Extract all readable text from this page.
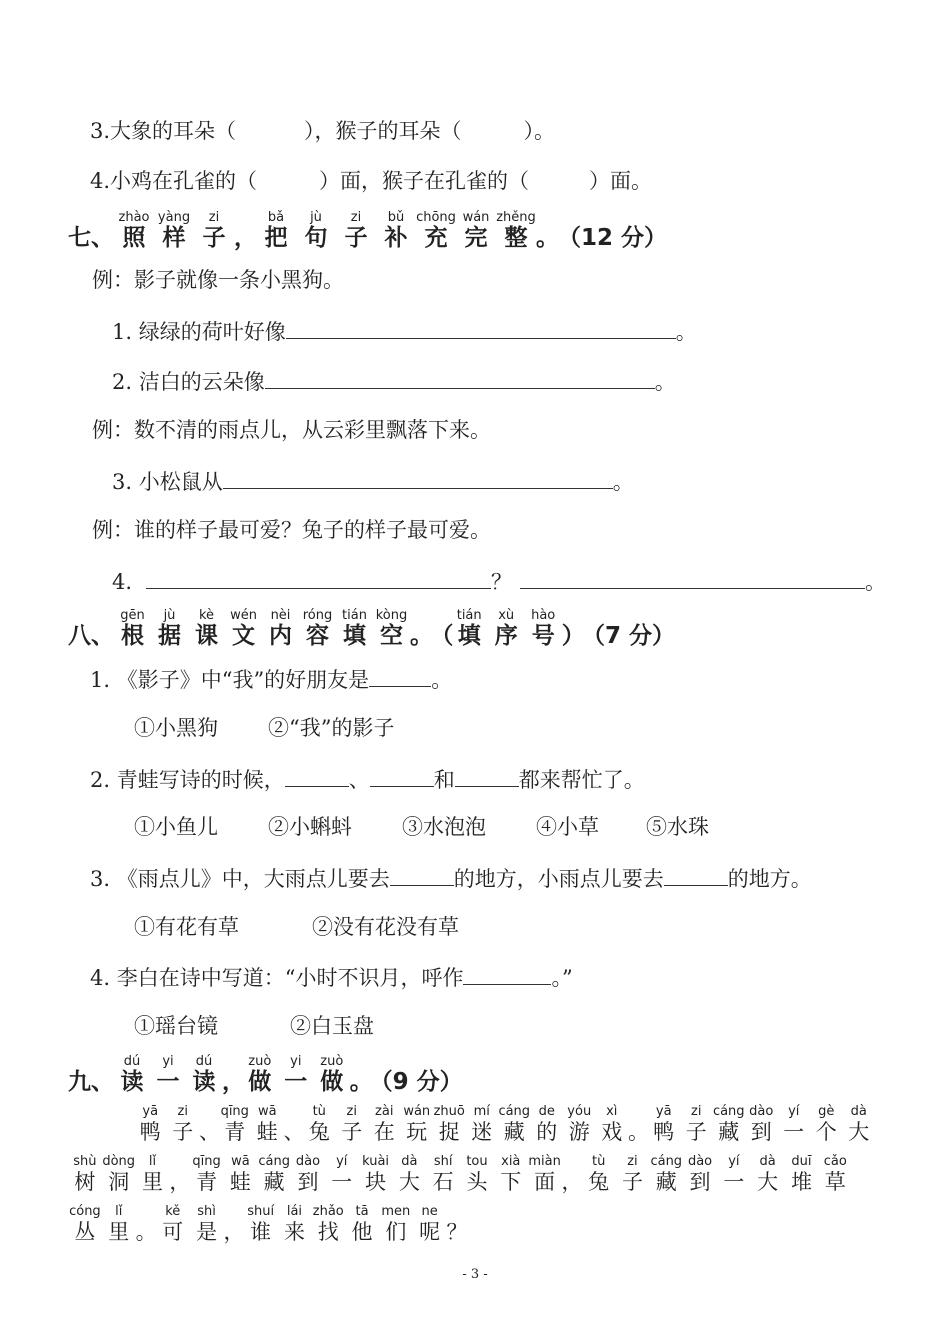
3.大象的耳朵（	），猴子的耳朵（	）。
4.小鸡在孔雀的（	）面，猴子在孔雀的（	）面。
七、
zhào
照
yàng
样
zi
子 ，
bǎ
把
jù
句
zi
子
bǔ
补
chōng
充
wán
完
zhěng
整 。 （12 分）
例：影子就像一条小黑狗。
1. 绿绿的荷叶好像	。
2. 洁白的云朵像	。
例：数不清的雨点儿，从云彩里飘落下来。
3. 小松鼠从	。
例：谁的样子最可爱？兔子的样子最可爱。
4.	？	。
八、
gēn
根
jù
据
kè
课
wén
文
nèi
内
róng
容
tián
填
kòng
空 。
（
tián
填
xù
序
hào
号 ）
（7 分）
1. 《影子》中“我”的好朋友是	。
①小黑狗 ②“我”的影子
2. 青蛙写诗的时候，	、	和	都来帮忙了。
①小鱼儿 ②小蝌蚪 ③水泡泡 ④小草 ⑤水珠
3. 《雨点儿》中，大雨点儿要去	的地方，小雨点儿要去	的地方。
①有花有草	②没有花没有草
4. 李白在诗中写道：“小时不识月，呼作	。”
①瑶台镜	②白玉盘
九、
dú
读
yi
一
dú
读 ，
zuò
做
yi
一
zuò
做 。
（9 分）
yā
鸭
zi
子 、
qīng
青
wā
蛙 、
tù
兔
zi
子
zài
在
wán
玩
zhuō
捉
mí
迷
cáng
藏
de
的
yóu
游
xì
戏 。
yā
鸭
zi
子
cáng
藏
dào
到
yí
一
gè
个
dà
大
shù
树
dòng
洞
lǐ
里 ，
qīng
青
wā
蛙
cáng
藏
dào
到
yí
一
kuài
块
dà
大
shí
石
tou
头
xià
下
miàn
面 ，
tù
兔
zi
子
cáng
藏
dào
到
yí
一
dà
大
duī
堆
cǎo
草
cóng
丛
lǐ
里 。
kě
可
shì
是 ，
shuí
谁
lái
来
zhǎo
找
tā
他
men
们
ne
呢 ？
- 3 -
